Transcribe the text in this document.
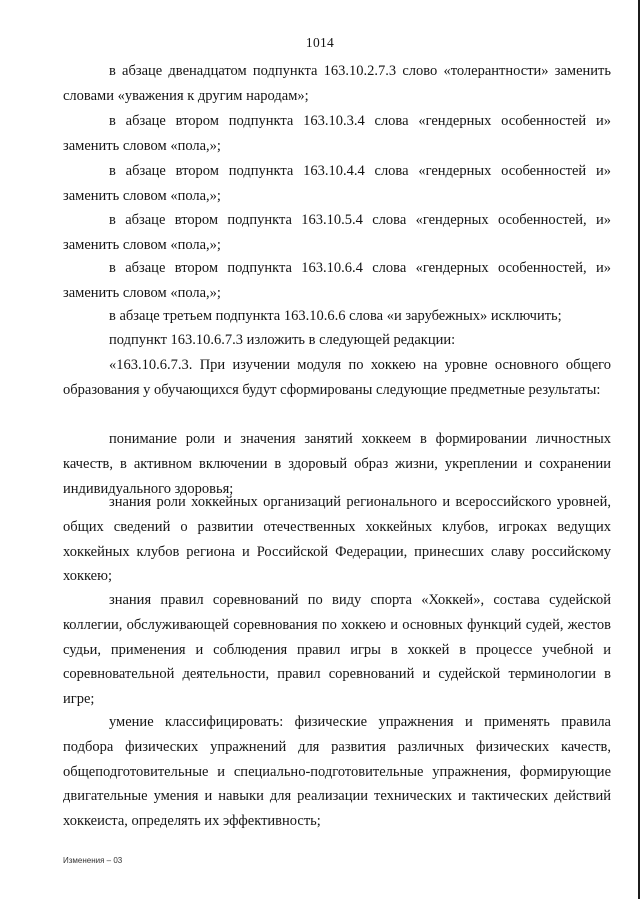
1014

в абзаце двенадцатом подпункта 163.10.2.7.3 слово «толерантности» заменить словами «уважения к другим народам»;

в абзаце втором подпункта 163.10.3.4 слова «гендерных особенностей и» заменить словом «пола,»;

в абзаце втором подпункта 163.10.4.4 слова «гендерных особенностей и» заменить словом «пола,»;

в абзаце втором подпункта 163.10.5.4 слова «гендерных особенностей, и» заменить словом «пола,»;

в абзаце втором подпункта 163.10.6.4 слова «гендерных особенностей, и» заменить словом «пола,»;

в абзаце третьем подпункта 163.10.6.6 слова «и зарубежных» исключить;

подпункт 163.10.6.7.3 изложить в следующей редакции:

«163.10.6.7.3. При изучении модуля по хоккею на уровне основного общего образования у обучающихся будут сформированы следующие предметные результаты:

понимание роли и значения занятий хоккеем в формировании личностных качеств, в активном включении в здоровый образ жизни, укреплении и сохранении индивидуального здоровья;

знания роли хоккейных организаций регионального и всероссийского уровней, общих сведений о развитии отечественных хоккейных клубов, игроках ведущих хоккейных клубов региона и Российской Федерации, принесших славу российскому хоккею;

знания правил соревнований по виду спорта «Хоккей», состава судейской коллегии, обслуживающей соревнования по хоккею и основных функций судей, жестов судьи, применения и соблюдения правил игры в хоккей в процессе учебной и соревновательной деятельности, правил соревнований и судейской терминологии в игре;

умение классифицировать: физические упражнения и применять правила подбора физических упражнений для развития различных физических качеств, общеподготовительные и специально-подготовительные упражнения, формирующие двигательные умения и навыки для реализации технических и тактических действий хоккеиста, определять их эффективность;

Изменения – 03
